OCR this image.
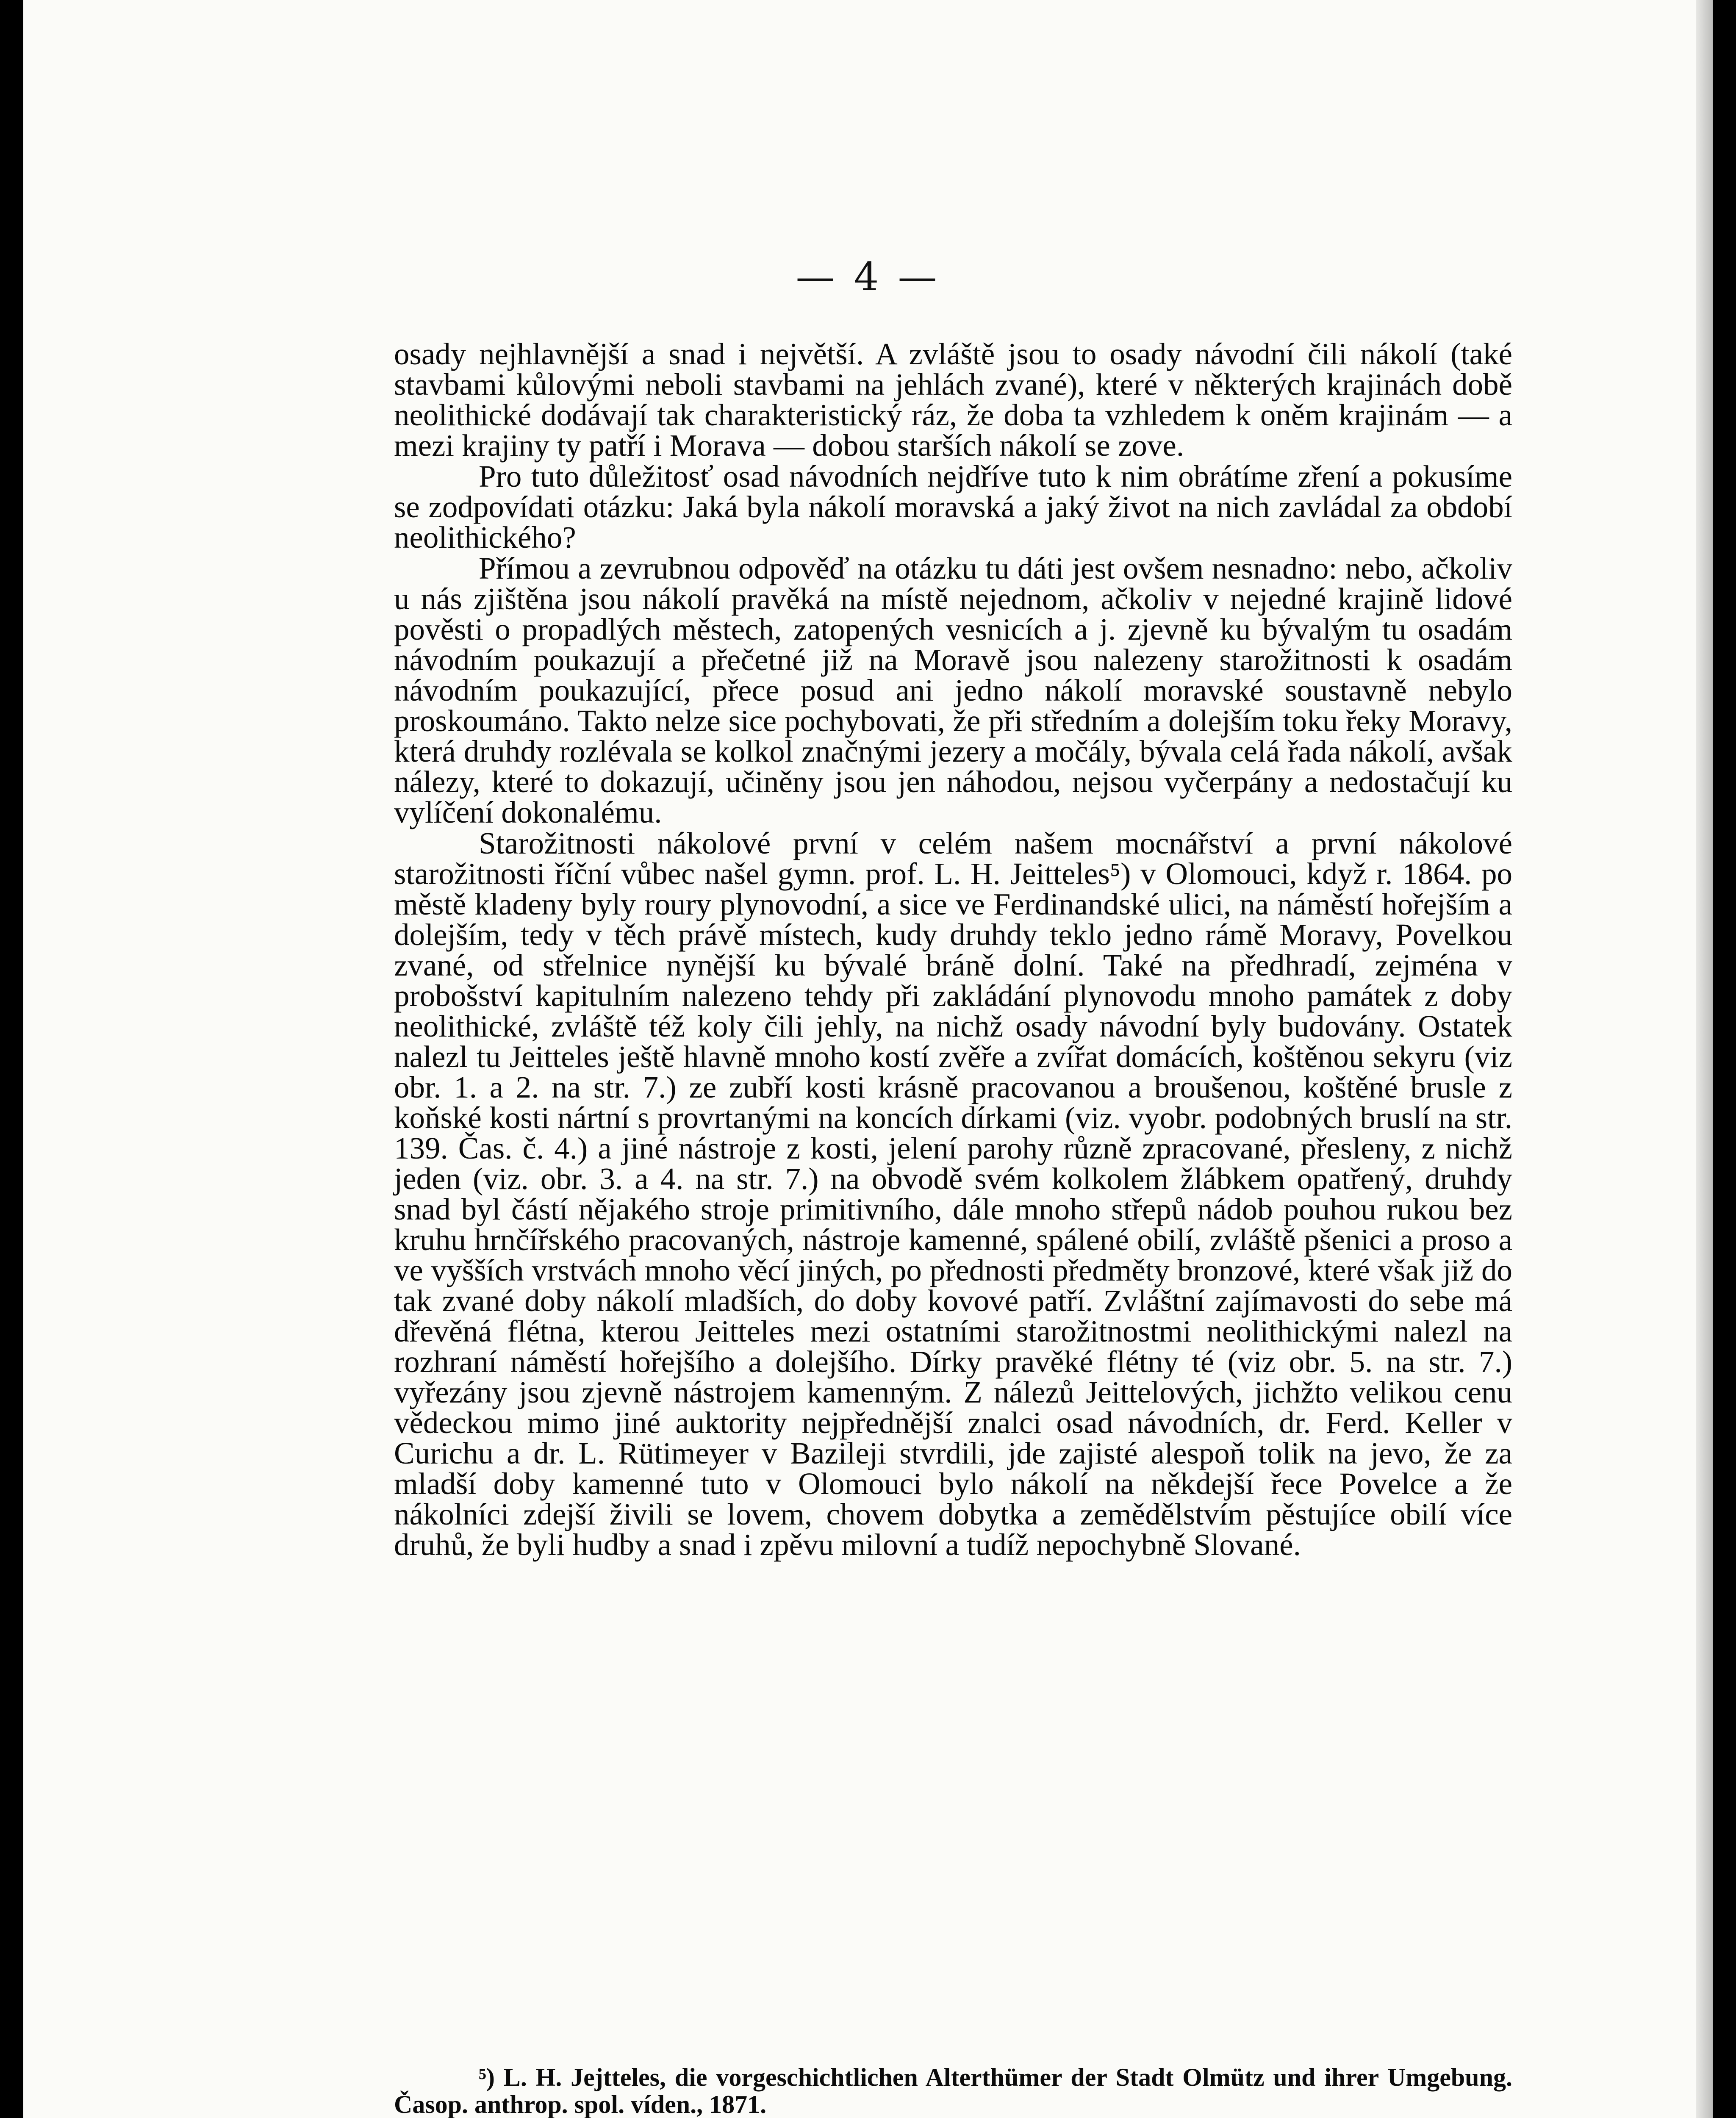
— 4 —

osady nejhlavnější a snad i největší. A zvláště jsou to osady návodní čili nákolí (také stavbami kůlovými neboli stavbami na jehlách zvané), které v některých krajinách době neolithické dodávají tak charakteristický ráz, že doba ta vzhledem k oněm krajinám — a mezi krajiny ty patří i Morava — dobou starších nákolí se zove.

Pro tuto důležitosť osad návodních nejdříve tuto k nim obrátíme zření a pokusíme se zodpovídati otázku: Jaká byla nákolí moravská a jaký život na nich zavládal za období neolithického?

Přímou a zevrubnou odpověď na otázku tu dáti jest ovšem nesnadno: nebo, ačkoliv u nás zjištěna jsou nákolí pravěká na místě nejednom, ačkoliv v nejedné krajině lidové pověsti o propadlých městech, zatopených vesnicích a j. zjevně ku bývalým tu osadám návodním poukazují a přečetné již na Moravě jsou nalezeny starožitnosti k osadám návodním poukazující, přece posud ani jedno nákolí moravské soustavně nebylo proskoumáno. Takto nelze sice pochybovati, že při středním a dolejším toku řeky Moravy, která druhdy rozlévala se kolkol značnými jezery a močály, bývala celá řada nákolí, avšak nálezy, které to dokazují, učiněny jsou jen náhodou, nejsou vyčerpány a nedostačují ku vylíčení dokonalému.

Starožitnosti nákolové první v celém našem mocnářství a první nákolové starožitnosti říční vůbec našel gymn. prof. L. H. Jeitteles⁵) v Olomouci, když r. 1864. po městě kladeny byly roury plynovodní, a sice ve Ferdinandské ulici, na náměstí hořejším a dolejším, tedy v těch právě místech, kudy druhdy teklo jedno rámě Moravy, Povelkou zvané, od střelnice nynější ku bývalé bráně dolní. Také na předhradí, zejména v probošství kapitulním nalezeno tehdy při zakládání plynovodu mnoho památek z doby neolithické, zvláště též koly čili jehly, na nichž osady návodní byly budovány. Ostatek nalezl tu Jeitteles ještě hlavně mnoho kostí zvěře a zvířat domácích, koštěnou sekyru (viz obr. 1. a 2. na str. 7.) ze zubří kosti krásně pracovanou a broušenou, koštěné brusle z koňské kosti nártní s provrtanými na koncích dírkami (viz. vyobr. podobných bruslí na str. 139. Čas. č. 4.) a jiné nástroje z kosti, jelení parohy různě zpracované, přesleny, z nichž jeden (viz. obr. 3. a 4. na str. 7.) na obvodě svém kolkolem žlábkem opatřený, druhdy snad byl částí nějakého stroje primitivního, dále mnoho střepů nádob pouhou rukou bez kruhu hrnčířského pracovaných, nástroje kamenné, spálené obilí, zvláště pšenici a proso a ve vyšších vrstvách mnoho věcí jiných, po přednosti předměty bronzové, které však již do tak zvané doby nákolí mladších, do doby kovové patří. Zvláštní zajímavosti do sebe má dřevěná flétna, kterou Jeitteles mezi ostatními starožitnostmi neolithickými nalezl na rozhraní náměstí hořejšího a dolejšího. Dírky pravěké flétny té (viz obr. 5. na str. 7.) vyřezány jsou zjevně nástrojem kamenným. Z nálezů Jeittelových, jichžto velikou cenu vědeckou mimo jiné auktority nejpřednější znalci osad návodních, dr. Ferd. Keller v Curichu a dr. L. Rütimeyer v Bazileji stvrdili, jde zajisté alespoň tolik na jevo, že za mladší doby kamenné tuto v Olomouci bylo nákolí na někdejší řece Povelce a že nákolníci zdejší živili se lovem, chovem dobytka a zemědělstvím pěstujíce obilí více druhů, že byli hudby a snad i zpěvu milovní a tudíž nepochybně Slované.

⁵) L. H. Jejtteles, die vorgeschichtlichen Alterthümer der Stadt Olmütz und ihrer Umgebung. Časop. anthrop. spol. víden., 1871.
